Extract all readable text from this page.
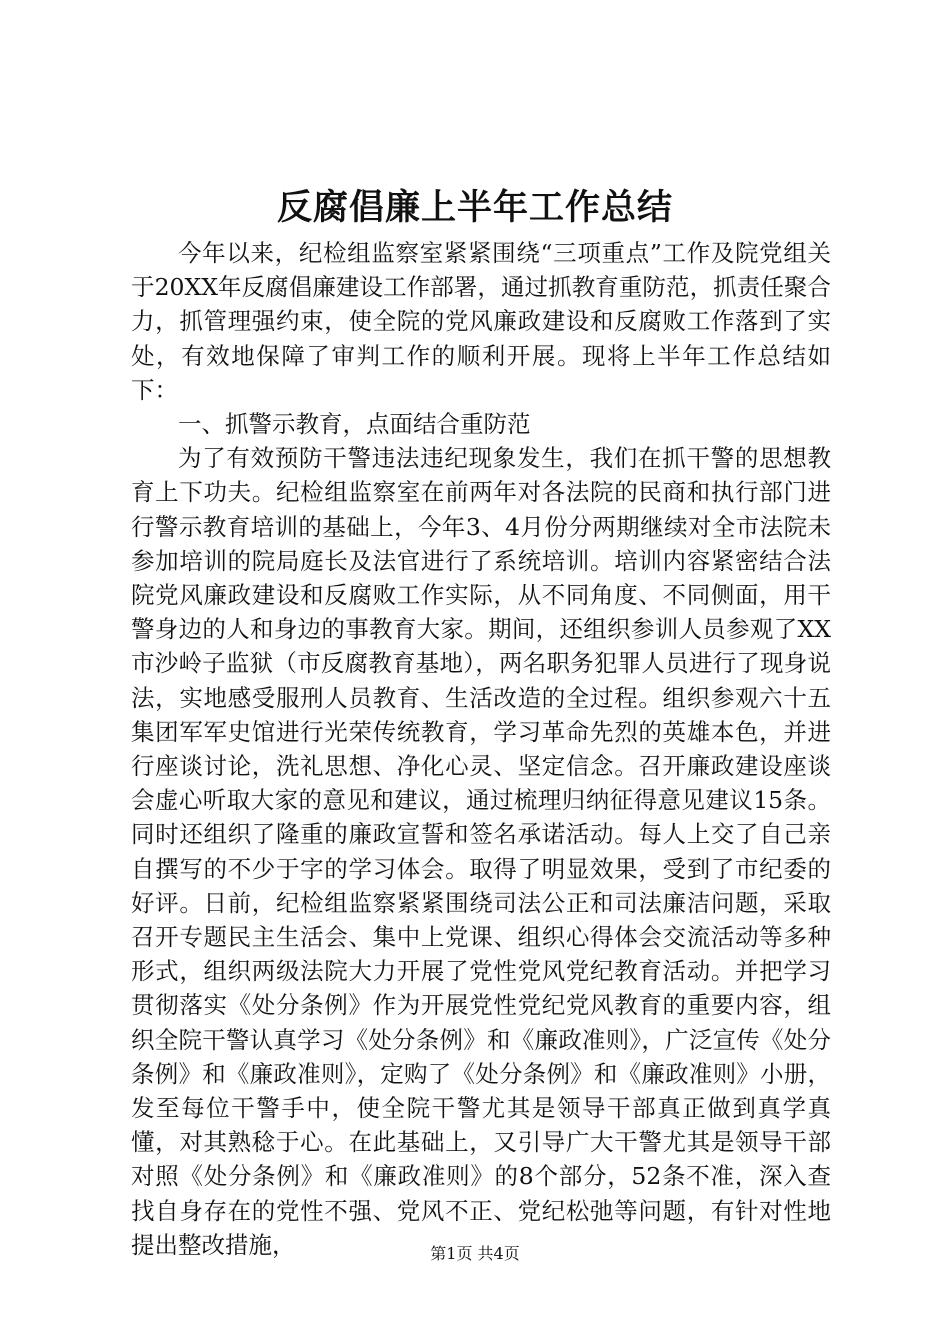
反腐倡廉上半年工作总结

今年以来，纪检组监察室紧紧围绕“三项重点”工作及院党组关于20XX年反腐倡廉建设工作部署，通过抓教育重防范，抓责任聚合力，抓管理强约束，使全院的党风廉政建设和反腐败工作落到了实处，有效地保障了审判工作的顺利开展。现将上半年工作总结如下：

一、抓警示教育，点面结合重防范

为了有效预防干警违法违纪现象发生，我们在抓干警的思想教育上下功夫。纪检组监察室在前两年对各法院的民商和执行部门进行警示教育培训的基础上，今年3、4月份分两期继续对全市法院未参加培训的院局庭长及法官进行了系统培训。培训内容紧密结合法院党风廉政建设和反腐败工作实际，从不同角度、不同侧面，用干警身边的人和身边的事教育大家。期间，还组织参训人员参观了XX市沙岭子监狱（市反腐教育基地），两名职务犯罪人员进行了现身说法，实地感受服刑人员教育、生活改造的全过程。组织参观六十五集团军军史馆进行光荣传统教育，学习革命先烈的英雄本色，并进行座谈讨论，洗礼思想、净化心灵、坚定信念。召开廉政建设座谈会虚心听取大家的意见和建议，通过梳理归纳征得意见建议15条。同时还组织了隆重的廉政宣誓和签名承诺活动。每人上交了自己亲自撰写的不少于字的学习体会。取得了明显效果，受到了市纪委的好评。日前，纪检组监察紧紧围绕司法公正和司法廉洁问题，采取召开专题民主生活会、集中上党课、组织心得体会交流活动等多种形式，组织两级法院大力开展了党性党风党纪教育活动。并把学习贯彻落实《处分条例》作为开展党性党纪党风教育的重要内容，组织全院干警认真学习《处分条例》和《廉政准则》，广泛宣传《处分条例》和《廉政准则》，定购了《处分条例》和《廉政准则》小册，发至每位干警手中，使全院干警尤其是领导干部真正做到真学真懂，对其熟稔于心。在此基础上，又引导广大干警尤其是领导干部对照《处分条例》和《廉政准则》的8个部分，52条不准，深入查找自身存在的党性不强、党风不正、党纪松弛等问题，有针对性地提出整改措施，	第1页 共4页
